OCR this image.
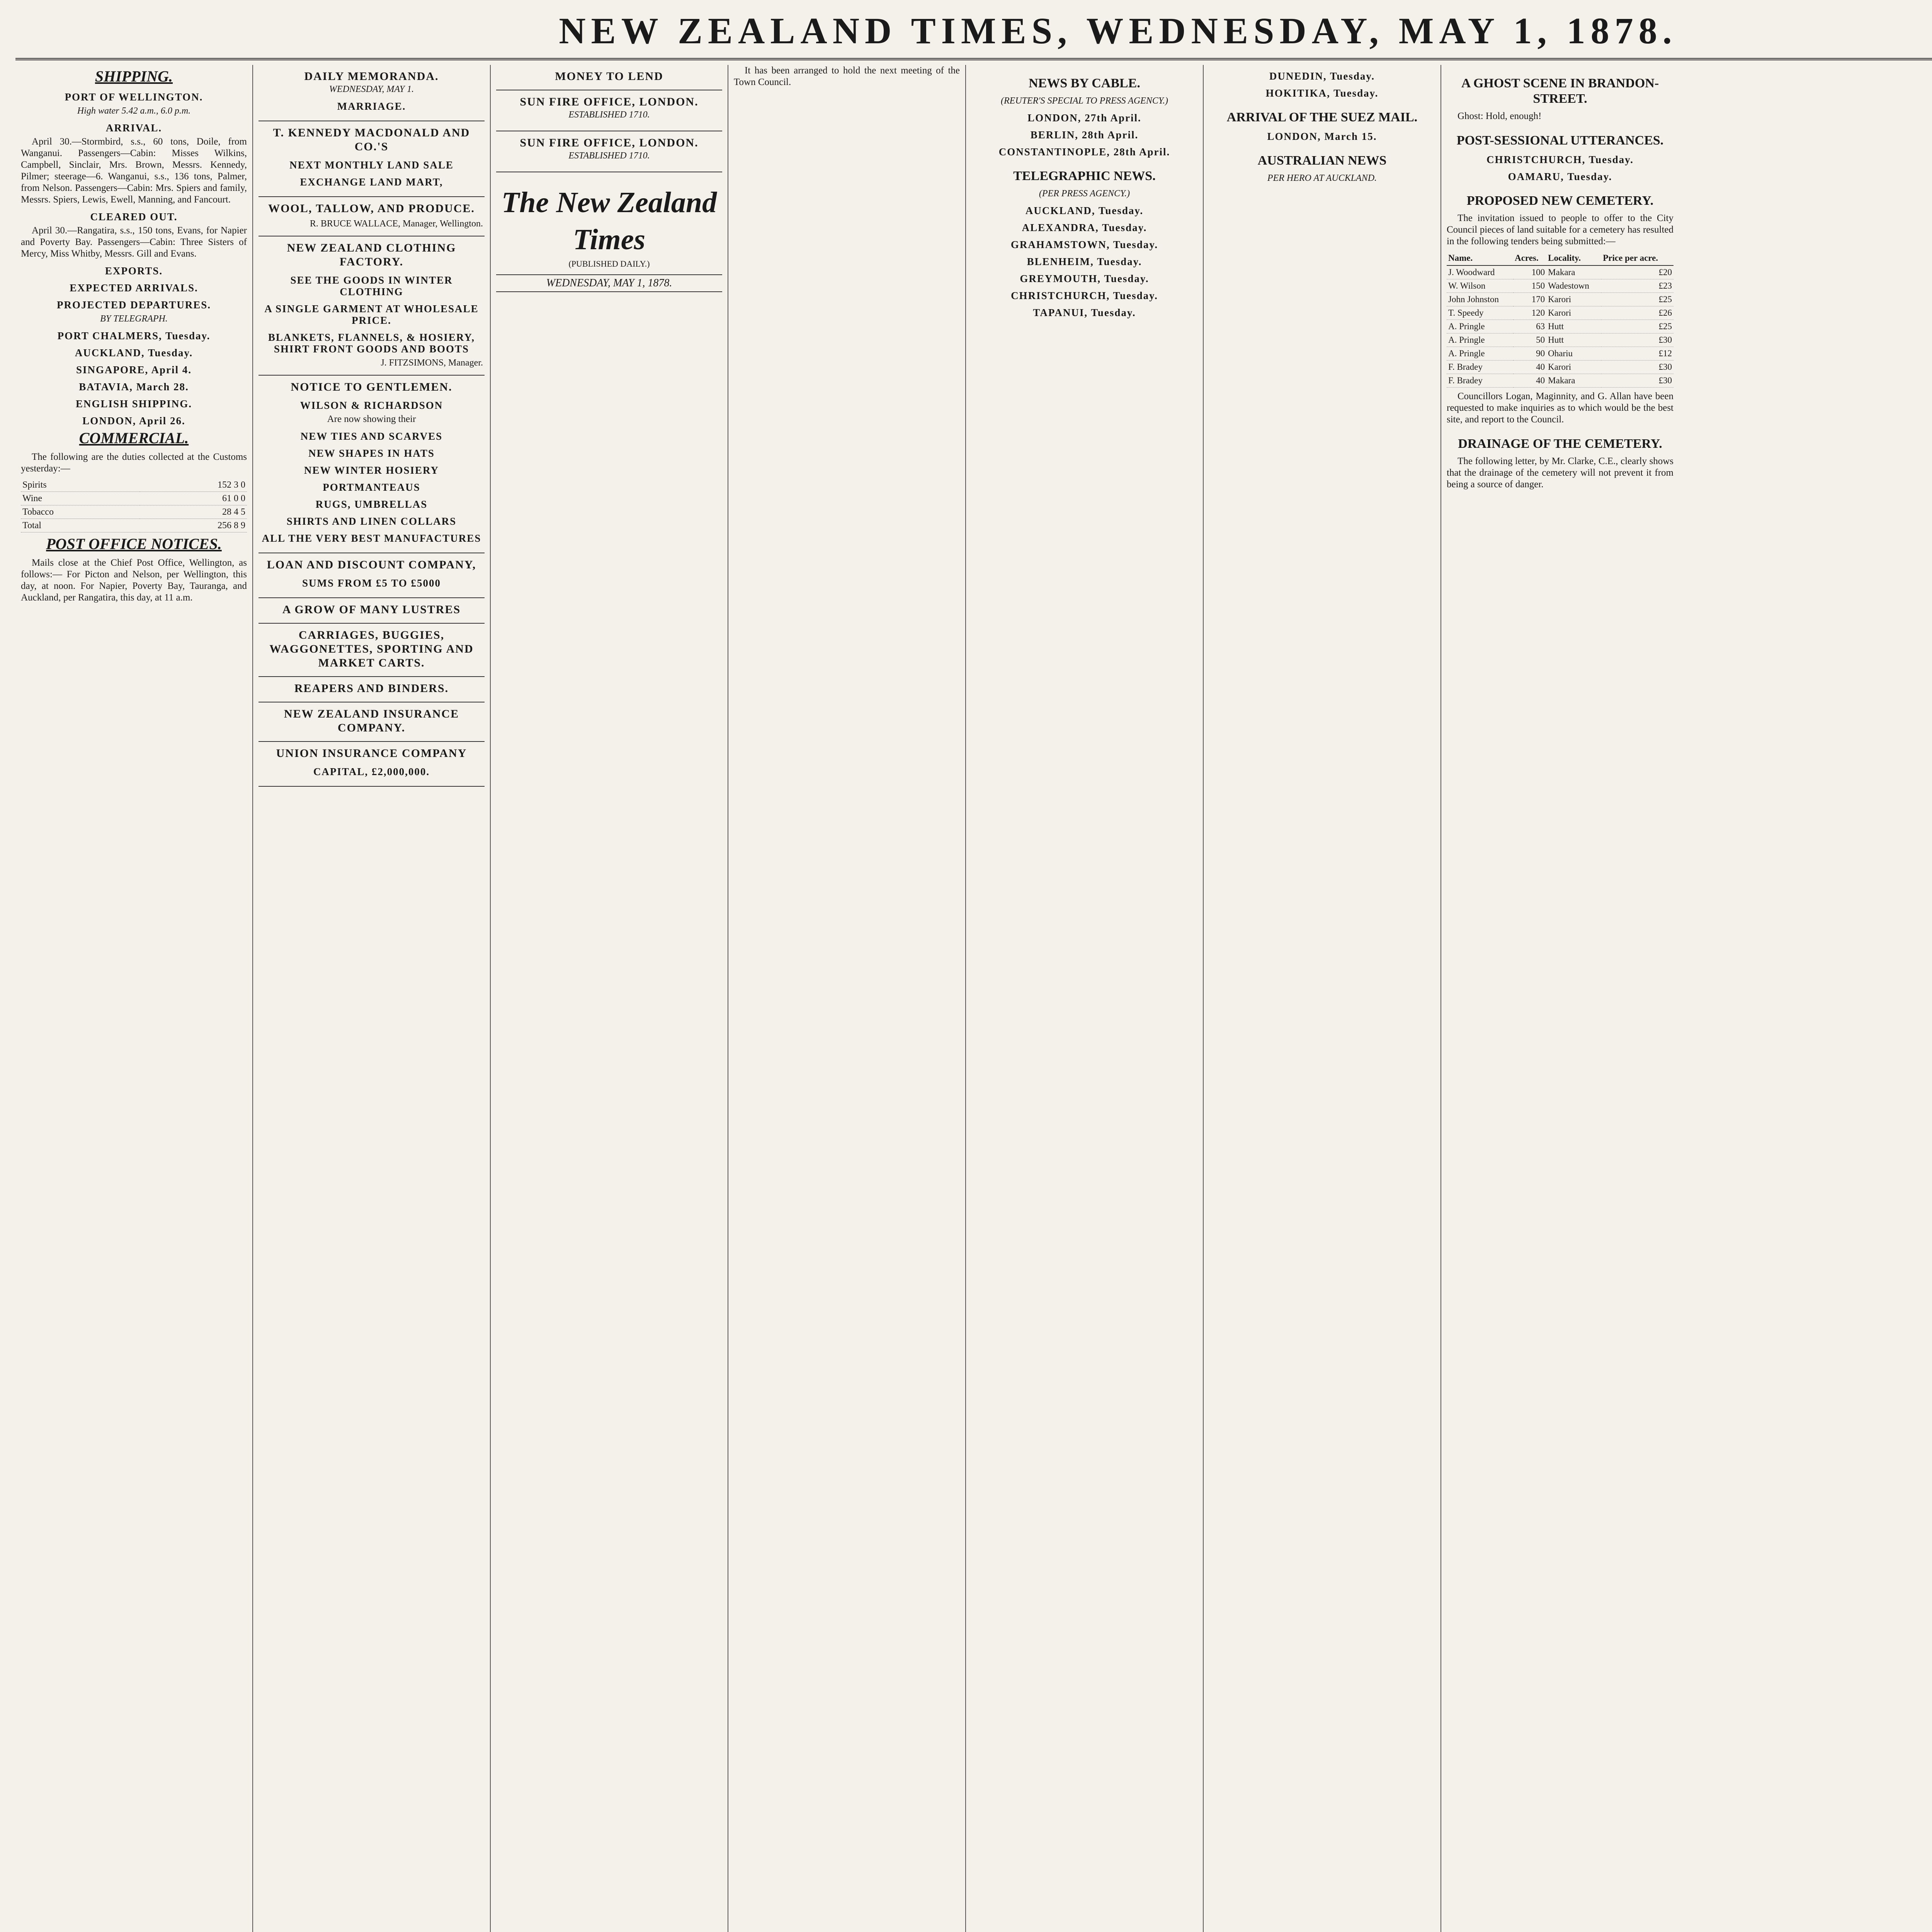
NEW ZEALAND TIMES, WEDNESDAY, MAY 1, 1878.
SHIPPING.
PORT OF WELLINGTON.
High water 5.42 a.m., 6.0 p.m.
ARRIVAL.

April 30.—Stormbird, s.s., 60 tons, Doile, from Wanganui. Passengers—Cabin: Misses Wilkins, Campbell, Sinclair, Mrs. Brown, Messrs. Kennedy, Pilmer; steerage—6. Wanganui, s.s., 136 tons, Palmer, from Nelson. Passengers—Cabin: Mrs. Spiers and family, Messrs. Spiers, Lewis, Ewell, Manning, and Fancourt.

CLEARED OUT.

April 30.—Rangatira, s.s., 150 tons, Evans, for Napier and Poverty Bay. Passengers—Cabin: Three Sisters of Mercy, Miss Whitby, Messrs. Gill and Evans.

EXPORTS.
EXPECTED ARRIVALS.
PROJECTED DEPARTURES.
BY TELEGRAPH.
PORT CHALMERS, Tuesday.
AUCKLAND, Tuesday.
SINGAPORE, April 4.
BATAVIA, March 28.
ENGLISH SHIPPING.
LONDON, April 26.
COMMERCIAL.

The following are the duties collected at the Customs yesterday:—

Spirits	152 3 0
Wine	61 0 0
Tobacco	28 4 5
Total	256 8 9
POST OFFICE NOTICES.

Mails close at the Chief Post Office, Wellington, as follows:— For Picton and Nelson, per Wellington, this day, at noon. For Napier, Poverty Bay, Tauranga, and Auckland, per Rangatira, this day, at 11 a.m.

DAILY MEMORANDA.
WEDNESDAY, MAY 1.
MARRIAGE.
T. KENNEDY MACDONALD AND CO.'S
NEXT MONTHLY LAND SALE
EXCHANGE LAND MART,
WOOL, TALLOW, AND PRODUCE.
R. BRUCE WALLACE, Manager, Wellington.
NEW ZEALAND CLOTHING FACTORY.
SEE THE GOODS IN WINTER CLOTHING
A SINGLE GARMENT AT WHOLESALE PRICE.
BLANKETS, FLANNELS, & HOSIERY, SHIRT FRONT GOODS AND BOOTS
J. FITZSIMONS, Manager.
NOTICE TO GENTLEMEN.
WILSON & RICHARDSON
Are now showing their
NEW TIES AND SCARVES
NEW SHAPES IN HATS
NEW WINTER HOSIERY
PORTMANTEAUS
RUGS, UMBRELLAS
SHIRTS AND LINEN COLLARS
ALL THE VERY BEST MANUFACTURES
LOAN AND DISCOUNT COMPANY,
SUMS FROM £5 TO £5000
A GROW OF MANY LUSTRES
CARRIAGES, BUGGIES, WAGGONETTES, SPORTING AND MARKET CARTS.
REAPERS AND BINDERS.
NEW ZEALAND INSURANCE COMPANY.
UNION INSURANCE COMPANY
CAPITAL, £2,000,000.
MONEY TO LEND
SUN FIRE OFFICE, LONDON.
ESTABLISHED 1710.
SUN FIRE OFFICE, LONDON.
ESTABLISHED 1710.
The New Zealand Times
(PUBLISHED DAILY.)
WEDNESDAY, MAY 1, 1878.

It has been arranged to hold the next meeting of the Town Council.	NEWS BY CABLE.
(REUTER'S SPECIAL TO PRESS AGENCY.)
LONDON, 27th April.
BERLIN, 28th April.
CONSTANTINOPLE, 28th April.
TELEGRAPHIC NEWS.
(PER PRESS AGENCY.)
AUCKLAND, Tuesday.
ALEXANDRA, Tuesday.
GRAHAMSTOWN, Tuesday.
BLENHEIM, Tuesday.
GREYMOUTH, Tuesday.
CHRISTCHURCH, Tuesday.
TAPANUI, Tuesday.
DUNEDIN, Tuesday.
HOKITIKA, Tuesday.
ARRIVAL OF THE SUEZ MAIL.
LONDON, March 15.
AUSTRALIAN NEWS
PER HERO AT AUCKLAND.
A GHOST SCENE IN BRANDON-STREET.

Ghost: Hold, enough!

POST-SESSIONAL UTTERANCES.
CHRISTCHURCH, Tuesday.
OAMARU, Tuesday.
PROPOSED NEW CEMETERY.

The invitation issued to people to offer to the City Council pieces of land suitable for a cemetery has resulted in the following tenders being submitted:—

Name.	Acres.	Locality.	Price per acre.
J. Woodward	100	Makara	£20
W. Wilson	150	Wadestown	£23
John Johnston	170	Karori	£25
T. Speedy	120	Karori	£26
A. Pringle	63	Hutt	£25
A. Pringle	50	Hutt	£30
A. Pringle	90	Ohariu	£12
F. Bradey	40	Karori	£30
F. Bradey	40	Makara	£30

Councillors Logan, Maginnity, and G. Allan have been requested to make inquiries as to which would be the best site, and report to the Council.

DRAINAGE OF THE CEMETERY.

The following letter, by Mr. Clarke, C.E., clearly shows that the drainage of the cemetery will not prevent it from being a source of danger.
